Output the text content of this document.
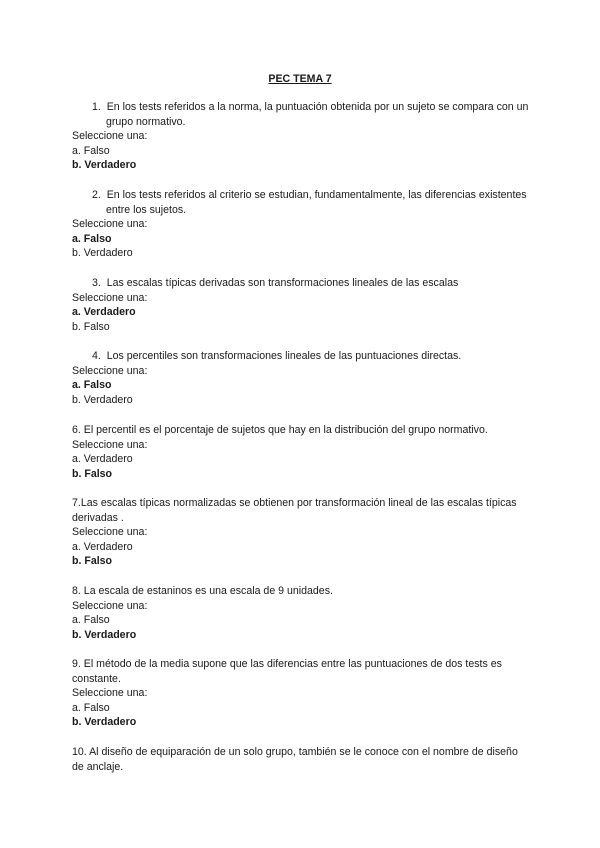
PEC TEMA 7
1. En los tests referidos a la norma, la puntuación obtenida por un sujeto se compara con un grupo normativo.
Seleccione una:
a. Falso
b. Verdadero
2. En los tests referidos al criterio se estudian, fundamentalmente, las diferencias existentes entre los sujetos.
Seleccione una:
a. Falso
b. Verdadero
3. Las escalas típicas derivadas son transformaciones lineales de las escalas
Seleccione una:
a. Verdadero
b. Falso
4. Los percentiles son transformaciones lineales de las puntuaciones directas.
Seleccione una:
a. Falso
b. Verdadero
6. El percentil es el porcentaje de sujetos que hay en la distribución del grupo normativo.
Seleccione una:
a. Verdadero
b. Falso
7.Las escalas típicas normalizadas se obtienen por transformación lineal de las escalas típicas derivadas .
Seleccione una:
a. Verdadero
b. Falso
8. La escala de estaninos es una escala de 9 unidades.
Seleccione una:
a. Falso
b. Verdadero
9. El método de la media supone que las diferencias entre las puntuaciones de dos tests es constante.
Seleccione una:
a. Falso
b. Verdadero
10. Al diseño de equiparación de un solo grupo, también se le conoce con el nombre de diseño de anclaje.
